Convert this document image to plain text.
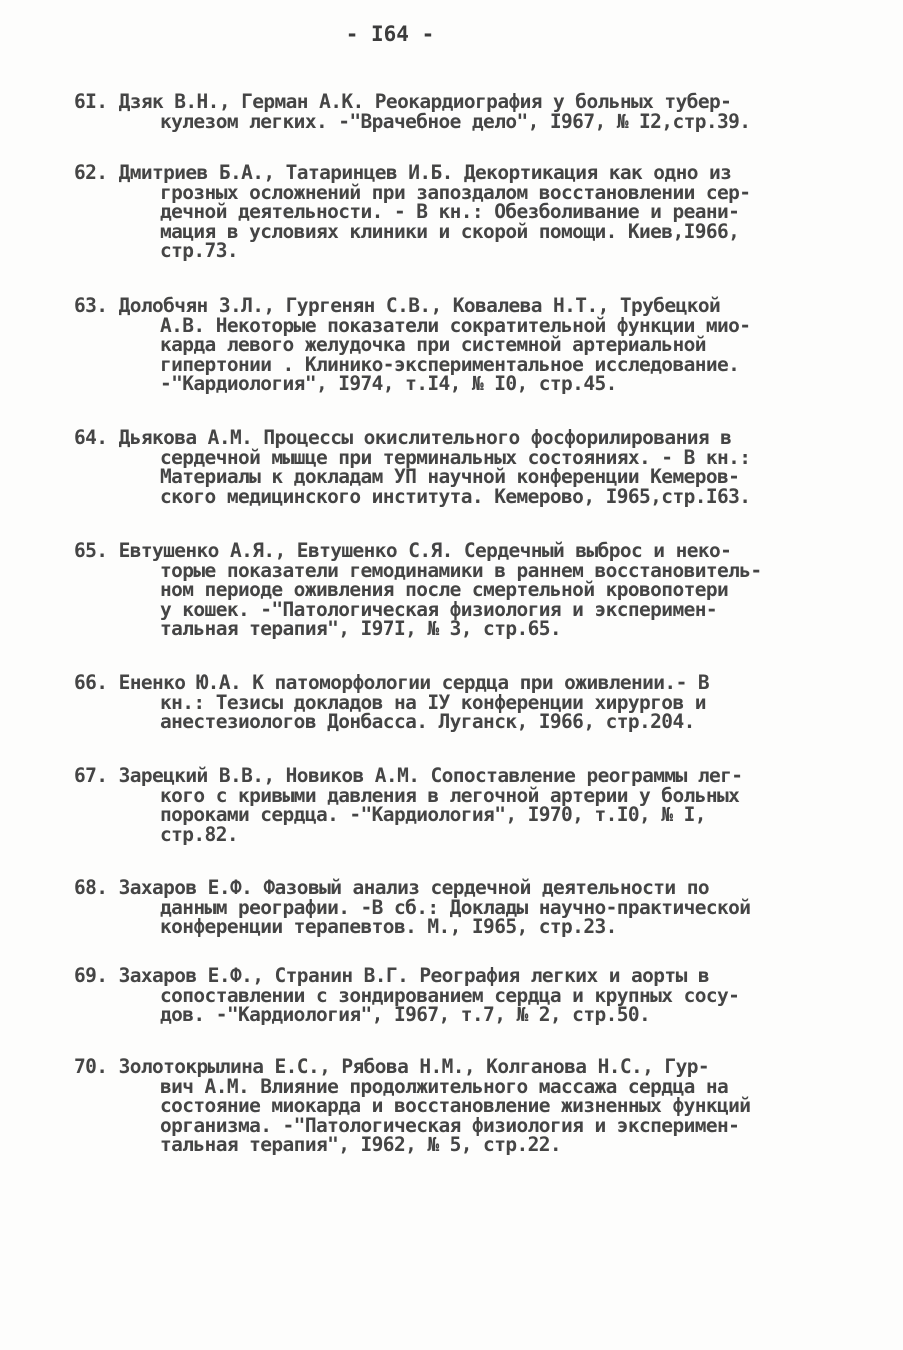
- I64 -
6I. Дзяк В.Н., Герман А.К. Реокардиография у больных тубер-
кулезом легких. -"Врачебное дело", I967, № I2,стр.39.
62. Дмитриев Б.А., Татаринцев И.Б. Декортикация как одно из
грозных осложнений при запоздалом восстановлении сер-
дечной деятельности. - В кн.: Обезболивание и реани-
мация в условиях клиники и скорой помощи. Киев,I966,
стр.73.
63. Долобчян З.Л., Гургенян С.В., Ковалева Н.Т., Трубецкой
А.В. Некоторые показатели сократительной функции мио-
карда левого желудочка при системной артериальной
гипертонии . Клинико-экспериментальное исследование.
-"Кардиология", I974, т.I4, № I0, стр.45.
64. Дьякова А.М. Процессы окислительного фосфорилирования в
сердечной мышце при терминальных состояниях. - В кн.:
Материалы к докладам УП научной конференции Кемеров-
ского медицинского института. Кемерово, I965,стр.I63.
65. Евтушенко А.Я., Евтушенко С.Я. Сердечный выброс и неко-
торые показатели гемодинамики в раннем восстановитель-
ном периоде оживления после смертельной кровопотери
у кошек. -"Патологическая физиология и эксперимен-
тальная терапия", I97I, № 3, стр.65.
66. Ененко Ю.А. К патоморфологии сердца при оживлении.- В
кн.: Тезисы докладов на IУ конференции хирургов и
анестезиологов Донбасса. Луганск, I966, стр.204.
67. Зарецкий В.В., Новиков А.М. Сопоставление реограммы лег-
кого с кривыми давления в легочной артерии у больных
пороками сердца. -"Кардиология", I970, т.I0, № I,
стр.82.
68. Захаров Е.Ф. Фазовый анализ сердечной деятельности по
данным реографии. -В сб.: Доклады научно-практической
конференции терапевтов. М., I965, стр.23.
69. Захаров Е.Ф., Странин В.Г. Реография легких и аорты в
сопоставлении с зондированием сердца и крупных сосу-
дов. -"Кардиология", I967, т.7, № 2, стр.50.
70. Золотокрылина Е.С., Рябова Н.М., Колганова Н.С., Гур-
вич А.М. Влияние продолжительного массажа сердца на
состояние миокарда и восстановление жизненных функций
организма. -"Патологическая физиология и эксперимен-
тальная терапия", I962, № 5, стр.22.
